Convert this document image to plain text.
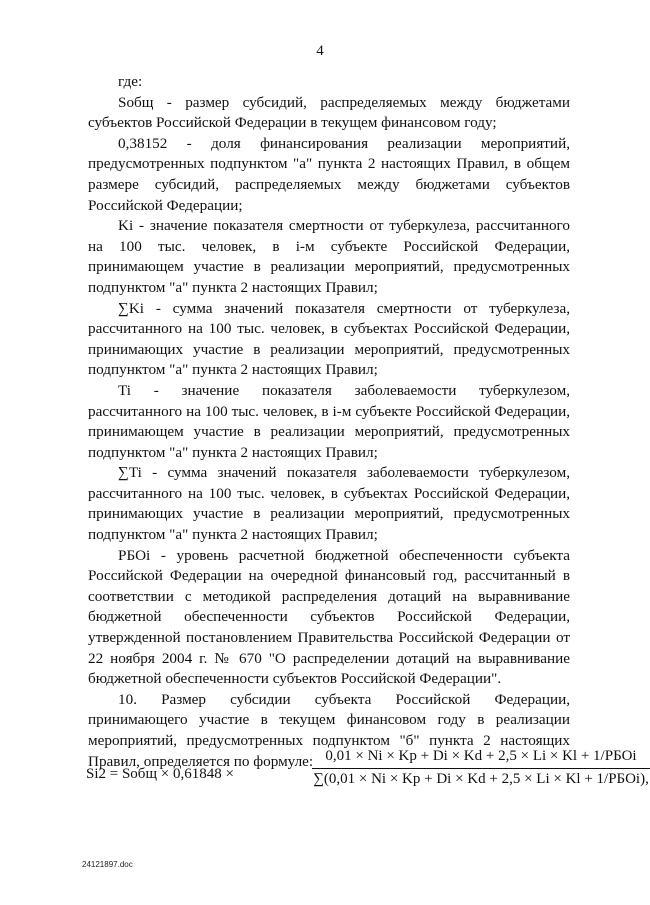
4

где:

Sобщ - размер субсидий, распределяемых между бюджетами субъектов Российской Федерации в текущем финансовом году;

0,38152 - доля финансирования реализации мероприятий, предусмотренных подпунктом "а" пункта 2 настоящих Правил, в общем размере субсидий, распределяемых между бюджетами субъектов Российской Федерации;

Ki - значение показателя смертности от туберкулеза, рассчитанного на 100 тыс. человек, в i-м субъекте Российской Федерации, принимающем участие в реализации мероприятий, предусмотренных подпунктом "а" пункта 2 настоящих Правил;

∑Ki - сумма значений показателя смертности от туберкулеза, рассчитанного на 100 тыс. человек, в субъектах Российской Федерации, принимающих участие в реализации мероприятий, предусмотренных подпунктом "а" пункта 2 настоящих Правил;

Ti - значение показателя заболеваемости туберкулезом, рассчитанного на 100 тыс. человек, в i-м субъекте Российской Федерации, принимающем участие в реализации мероприятий, предусмотренных подпунктом "а" пункта 2 настоящих Правил;

∑Ti - сумма значений показателя заболеваемости туберкулезом, рассчитанного на 100 тыс. человек, в субъектах Российской Федерации, принимающих участие в реализации мероприятий, предусмотренных подпунктом "а" пункта 2 настоящих Правил;

РБОi - уровень расчетной бюджетной обеспеченности субъекта Российской Федерации на очередной финансовый год, рассчитанный в соответствии с методикой распределения дотаций на выравнивание бюджетной обеспеченности субъектов Российской Федерации, утвержденной постановлением Правительства Российской Федерации от 22 ноября 2004 г. № 670 "О распределении дотаций на выравнивание бюджетной обеспеченности субъектов Российской Федерации".

10. Размер субсидии субъекта Российской Федерации, принимающего участие в текущем финансовом году в реализации мероприятий, предусмотренных подпунктом "б" пункта 2 настоящих Правил, определяется по формуле:

Si2 = Sобщ × 0,61848 ×
0,01 × Ni × Kp + Di × Kd + 2,5 × Li × Kl + 1/РБОi
∑(0,01 × Ni × Kp + Di × Kd + 2,5 × Li × Kl + 1/РБОi),
24121897.doc
